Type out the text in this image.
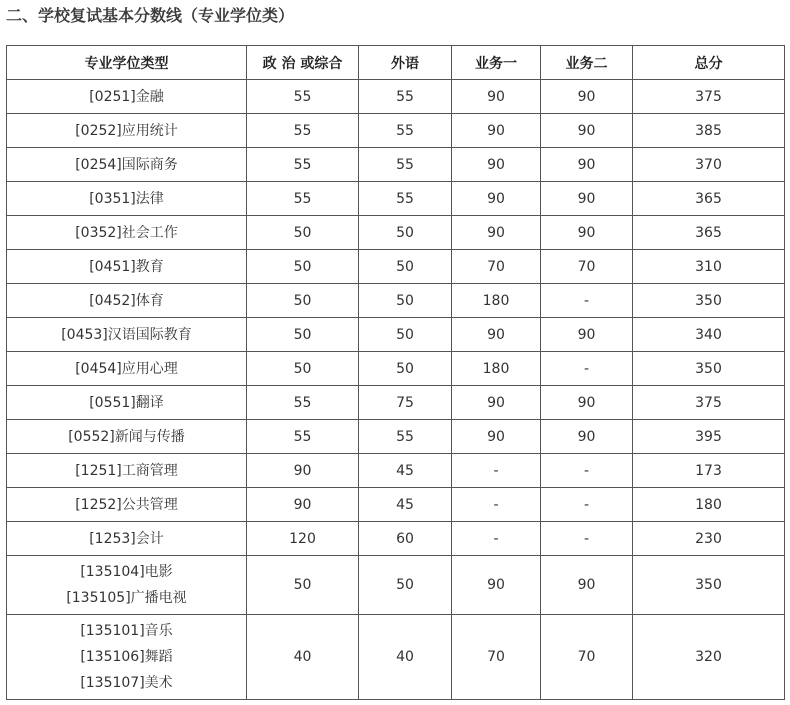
二、学校复试基本分数线（专业学位类）
专业学位类型	政 治 或综合	外语	业务一	业务二	总分

[0251]金融	55	55	90	90	375

[0252]应用统计	55	55	90	90	385

[0254]国际商务	55	55	90	90	370

[0351]法律	55	55	90	90	365

[0352]社会工作	50	50	90	90	365

[0451]教育	50	50	70	70	310

[0452]体育	50	50	180	-	350

[0453]汉语国际教育	50	50	90	90	340

[0454]应用心理	50	50	180	-	350

[0551]翻译	55	75	90	90	375

[0552]新闻与传播	55	55	90	90	395

[1251]工商管理	90	45	-	-	173

[1252]公共管理	90	45	-	-	180

[1253]会计	120	60	-	-	230

[135104]电影
[135105]广播电视	50	50	90	90	350

[135101]音乐
[135106]舞蹈
[135107]美术	40	40	70	70	320
